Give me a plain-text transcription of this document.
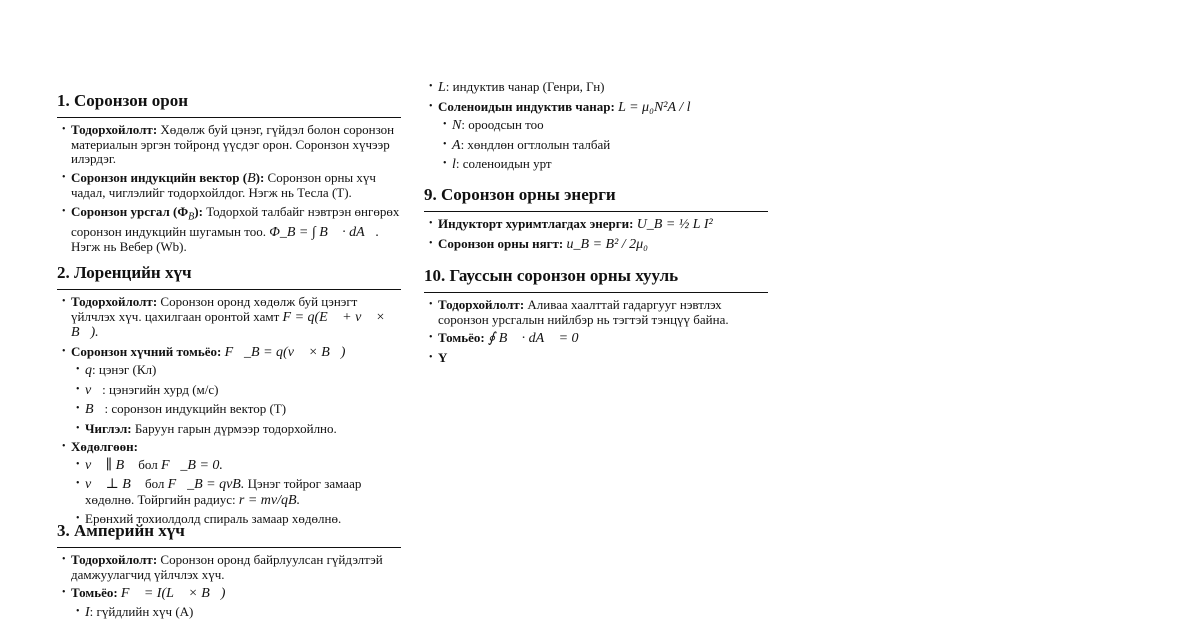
1. Соронзон орон
• Тодорхойлолт: Хөдөлж буй цэнэг, гүйдэл болон соронзон материалын эргэн тойронд үүсдэг орон. Соронзон хүчээр илэрдэг.
• Соронзон индукцийн вектор (B): Соронзон орны хүч чадал, чиглэлийг тодорхойлдог. Нэгж нь Тесла (T).
• Соронзон урсгал $(\Phi_B)$: Тодорхой талбайг нэвтрэн өнгөрөх соронзон индукцийн шугамын тоо. Φ_B = ∫ B⃗ · dA⃗. Нэгж нь Вебер (Wb).
2. Лоренцийн хүч
• Тодорхойлолт: Соронзон оронд хөдөлж буй цэнэгт үйлчлэх хүч. цахилгаан оронтой хамт F = q(E⃗ + v⃗ × B⃗).
• Соронзон хүчний томьёо: F⃗_B = q(v⃗ × B⃗)
• q: цэнэг (Кл)
• v⃗: цэнэгийн хурд (м/с)
• B⃗: соронзон индукцийн вектор (T)
• Чиглэл: Баруун гарын дүрмээр тодорхойлно.
• Хөдөлгөөн:
• v⃗ ∥ B⃗ бол F⃗_B = 0.
• v⃗ ⊥ B⃗ бол F⃗_B = qvB. Цэнэг тойрог замаар хөдөлнө. Тойргийн радиус: r = mv/qB.
• Ерөнхий тохиолдолд спираль замаар хөдөлнө.
3. Амперийн хүч
• Тодорхойлолт: Соронзон оронд байрлуулсан гүйдэлтэй дамжуулагчид үйлчлэх хүч.
• Томьёо: F⃗ = I(L⃗ × B⃗)
• I: гүйдлийн хүч (A)
• L: индуктив чанар (Генри, Гн)
• Соленоидын индуктив чанар: L = μ₀N²A / l
• N: ороодсын тоо
• A: хөндлөн огтлолын талбай
• l: соленоидын урт
9. Соронзон орны энерги
• Индукторт хуримтлагдах энерги: U_B = ½ L I²
• Соронзон орны нягт: u_B = B² / 2μ₀
10. Гауссын соронзон орны хууль
• Тодорхойлолт: Аливаа хаалттай гадаргууг нэвтлэх соронзон урсгалын нийлбэр нь тэгтэй тэнцүү байна.
• Томьёо: ∮ B⃗ · dA⃗ = 0
• Ү
